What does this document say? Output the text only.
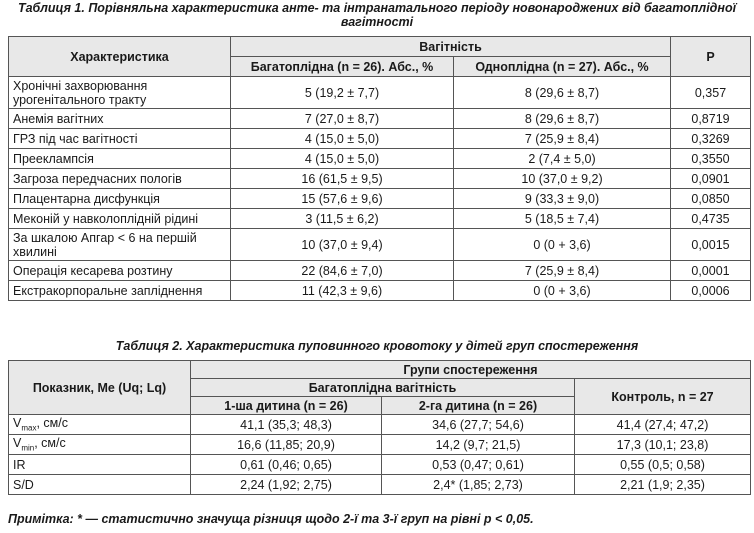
Таблиця 1. Порівняльна характеристика анте- та інтранатального періоду новонароджених від багатоплідної вагітності
Характеристика	Вагітність		P
	Багатоплідна (n = 26). Абс., %	Одноплідна (n = 27). Абс., %	
Хронічні захворювання урогенітального тракту	5 (19,2 ± 7,7)	8 (29,6 ± 8,7)	0,357
Анемія вагітних	7 (27,0 ± 8,7)	8 (29,6 ± 8,7)	0,8719
ГРЗ під час вагітності	4 (15,0 ± 5,0)	7 (25,9 ± 8,4)	0,3269
Прееклампсія	4 (15,0 ± 5,0)	2 (7,4 ± 5,0)	0,3550
Загроза передчасних пологів	16 (61,5 ± 9,5)	10 (37,0 ± 9,2)	0,0901
Плацентарна дисфункція	15 (57,6 ± 9,6)	9 (33,3 ± 9,0)	0,0850
Меконій у навколоплідній рідині	3 (11,5 ± 6,2)	5 (18,5 ± 7,4)	0,4735
За шкалою Апгар < 6 на першій хвилині	10 (37,0 ± 9,4)	0 (0 + 3,6)	0,0015
Операція кесарева розтину	22 (84,6 ± 7,0)	7 (25,9 ± 8,4)	0,0001
Екстракорпоральне запліднення	11 (42,3 ± 9,6)	0 (0 + 3,6)	0,0006
Таблиця 2. Характеристика пуповинного кровотоку у дітей груп спостереження
Показник, Me (Uq; Lq)	Групи спостереження		
	Багатоплідна вагітність		Контроль, n = 27
	1-ша дитина (n = 26)	2-га дитина (n = 26)	
$V_{max}$, см/с	41,1 (35,3; 48,3)	34,6 (27,7; 54,6)	41,4 (27,4; 47,2)
$V_{min}$, см/с	16,6 (11,85; 20,9)	14,2 (9,7; 21,5)	17,3 (10,1; 23,8)
IR	0,61 (0,46; 0,65)	0,53 (0,47; 0,61)	0,55 (0,5; 0,58)
S/D	2,24 (1,92; 2,75)	2,4* (1,85; 2,73)	2,21 (1,9; 2,35)
Примітка: * — статистично значуща різниця щодо 2-ї та 3-ї груп на рівні р < 0,05.
